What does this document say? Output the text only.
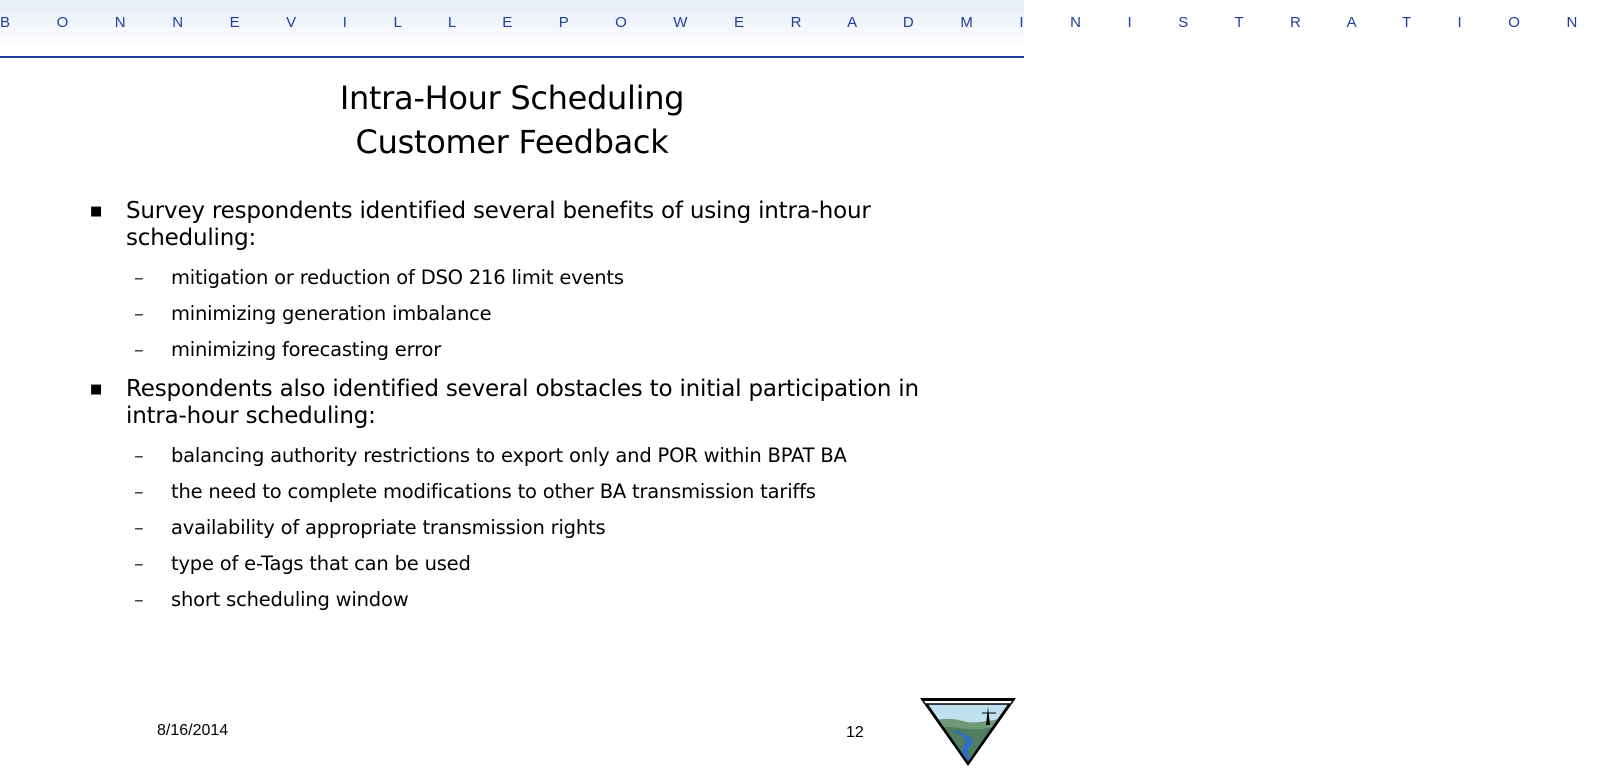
B O N N E V I L L E P O W E R A D M I N I S T R A T I O N
Intra-Hour Scheduling
Customer Feedback
■ Survey respondents identified several benefits of using intra-hour scheduling:
– mitigation or reduction of DSO 216 limit events
– minimizing generation imbalance
– minimizing forecasting error
■ Respondents also identified several obstacles to initial participation in intra-hour scheduling:
– balancing authority restrictions to export only and POR within BPAT BA
– the need to complete modifications to other BA transmission tariffs
– availability of appropriate transmission rights
– type of e-Tags that can be used
– short scheduling window
8/16/2014	12
